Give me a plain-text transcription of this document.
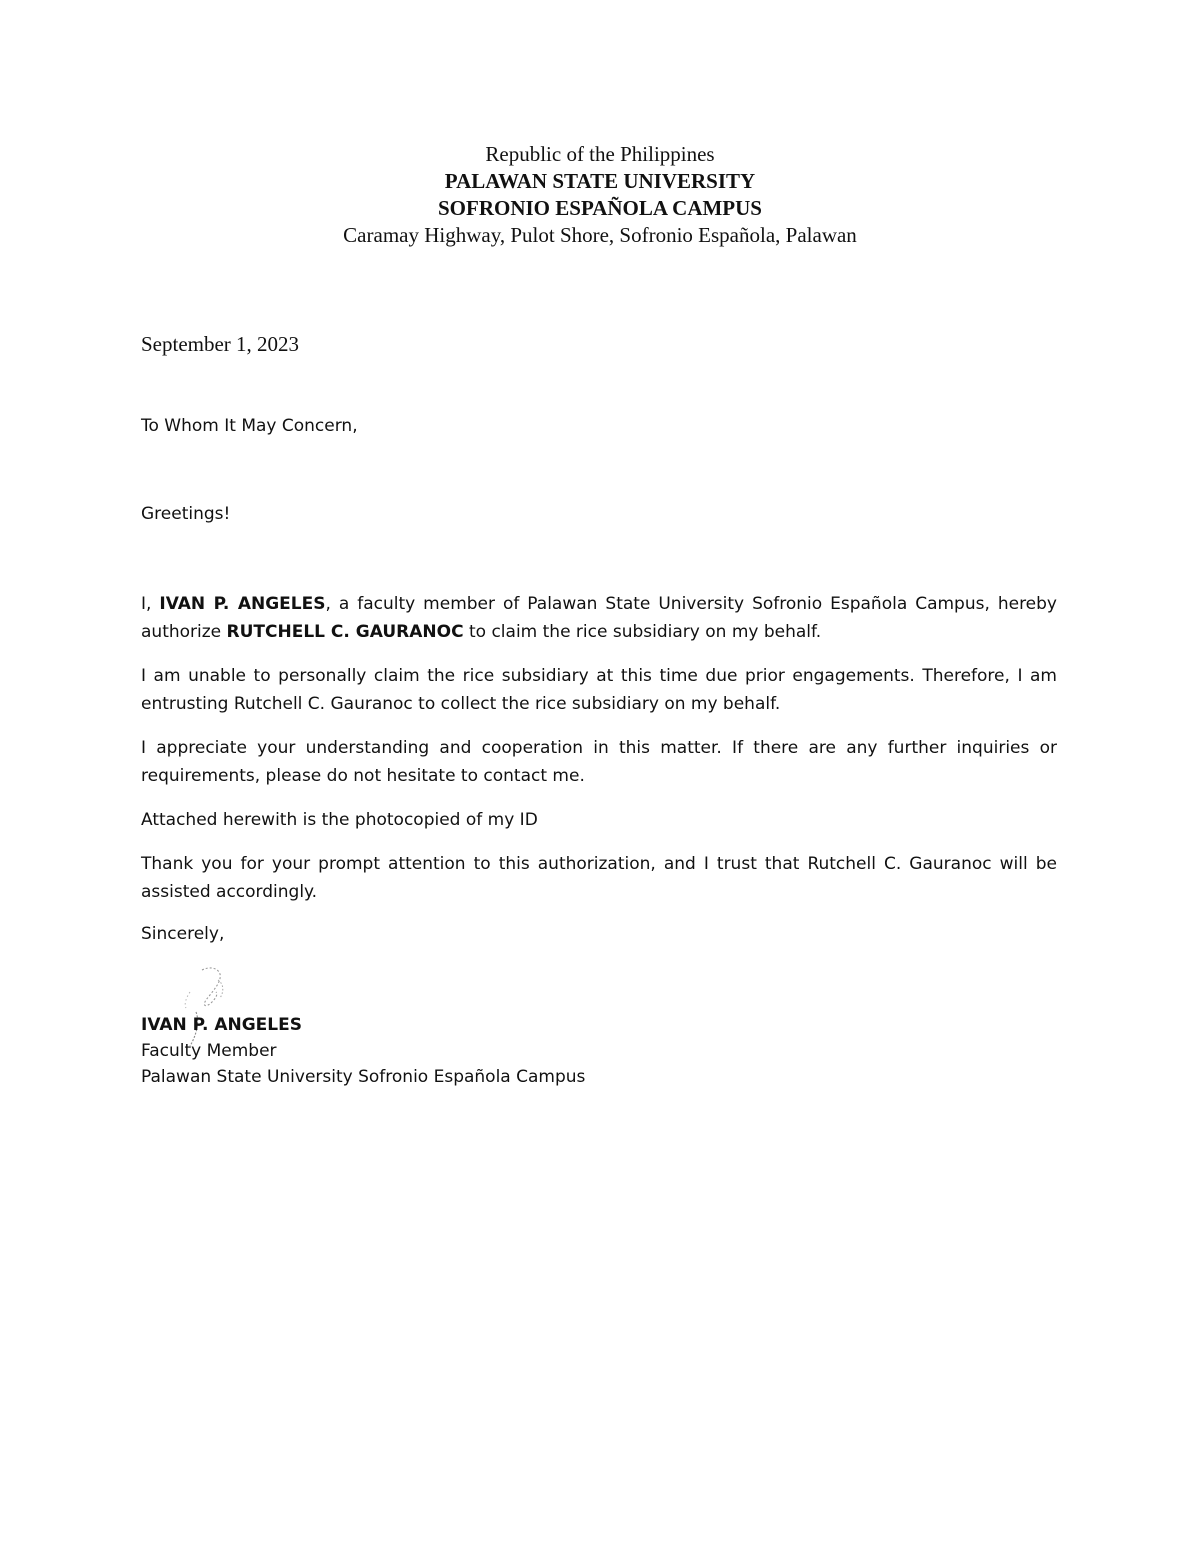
Republic of the Philippines
PALAWAN STATE UNIVERSITY
SOFRONIO ESPAÑOLA CAMPUS
Caramay Highway, Pulot Shore, Sofronio Española, Palawan
September 1, 2023
To Whom It May Concern,
Greetings!

I, IVAN P. ANGELES, a faculty member of Palawan State University Sofronio Española Campus, hereby authorize RUTCHELL C. GAURANOC to claim the rice subsidiary on my behalf.

I am unable to personally claim the rice subsidiary at this time due prior engagements. Therefore, I am entrusting Rutchell C. Gauranoc to collect the rice subsidiary on my behalf.

I appreciate your understanding and cooperation in this matter. If there are any further inquiries or requirements, please do not hesitate to contact me.

Attached herewith is the photocopied of my ID

Thank you for your prompt attention to this authorization, and I trust that Rutchell C. Gauranoc will be assisted accordingly.

Sincerely,
IVAN P. ANGELES
Faculty Member
Palawan State University Sofronio Española Campus
